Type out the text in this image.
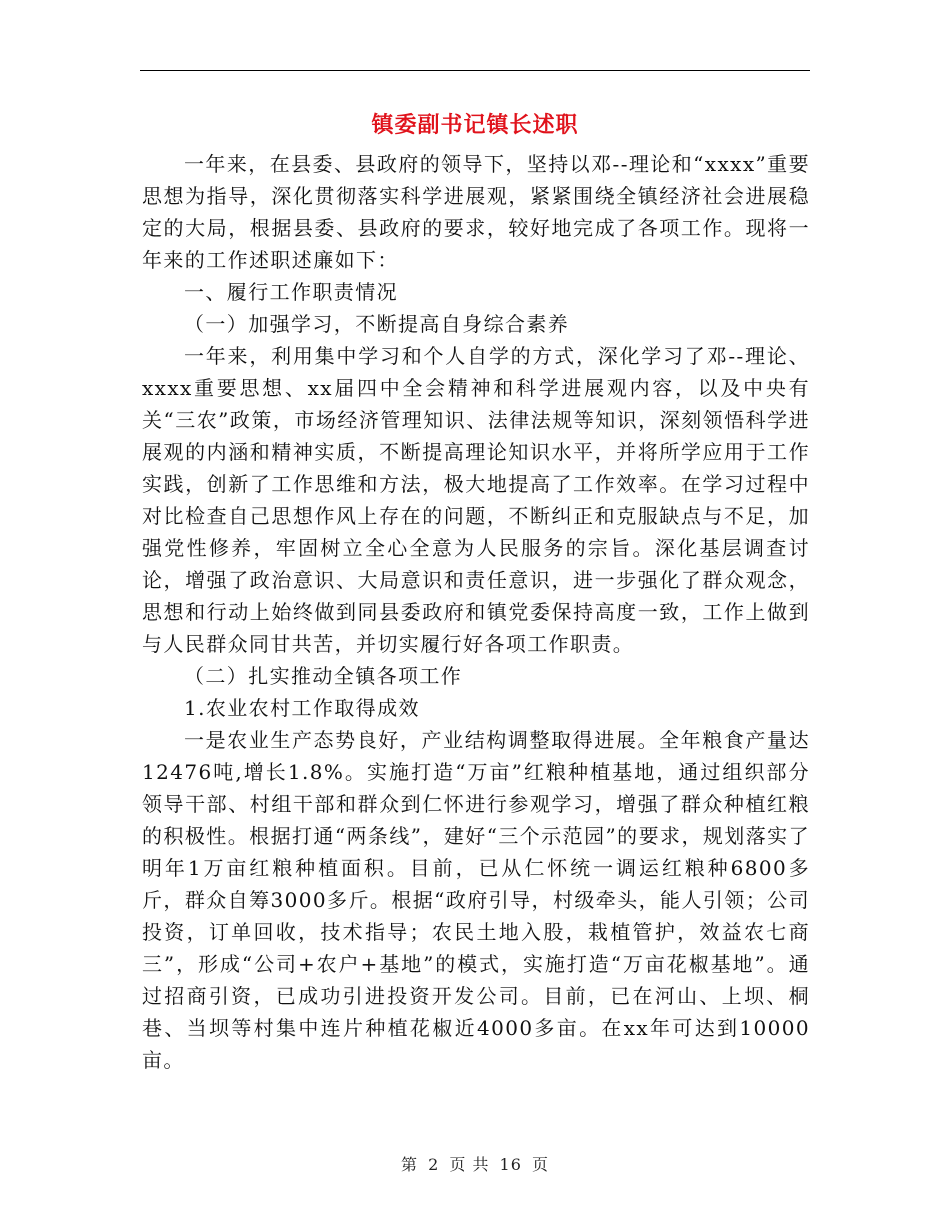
镇委副书记镇长述职

一年来，在县委、县政府的领导下，坚持以邓--理论和“xxxx”重要思想为指导，深化贯彻落实科学进展观，紧紧围绕全镇经济社会进展稳定的大局，根据县委、县政府的要求，较好地完成了各项工作。现将一年来的工作述职述廉如下：

一、履行工作职责情况

（一）加强学习，不断提高自身综合素养

一年来，利用集中学习和个人自学的方式，深化学习了邓--理论、xxxx重要思想、xx届四中全会精神和科学进展观内容，以及中央有关“三农”政策，市场经济管理知识、法律法规等知识，深刻领悟科学进展观的内涵和精神实质，不断提高理论知识水平，并将所学应用于工作实践，创新了工作思维和方法，极大地提高了工作效率。在学习过程中对比检查自己思想作风上存在的问题，不断纠正和克服缺点与不足，加强党性修养，牢固树立全心全意为人民服务的宗旨。深化基层调查讨论，增强了政治意识、大局意识和责任意识，进一步强化了群众观念，思想和行动上始终做到同县委政府和镇党委保持高度一致，工作上做到与人民群众同甘共苦，并切实履行好各项工作职责。

（二）扎实推动全镇各项工作

1.农业农村工作取得成效

一是农业生产态势良好，产业结构调整取得进展。全年粮食产量达12476吨,增长1.8%。实施打造“万亩”红粮种植基地，通过组织部分领导干部、村组干部和群众到仁怀进行参观学习，增强了群众种植红粮的积极性。根据打通“两条线”，建好“三个示范园”的要求，规划落实了明年1万亩红粮种植面积。目前，已从仁怀统一调运红粮种6800多斤，群众自筹3000多斤。根据“政府引导，村级牵头，能人引领；公司投资，订单回收，技术指导；农民土地入股，栽植管护，效益农七商三”，形成“公司+农户+基地”的模式，实施打造“万亩花椒基地”。通过招商引资，已成功引进投资开发公司。目前，已在河山、上坝、桐巷、当坝等村集中连片种植花椒近4000多亩。在xx年可达到10000亩。

第 2 页 共 16 页
